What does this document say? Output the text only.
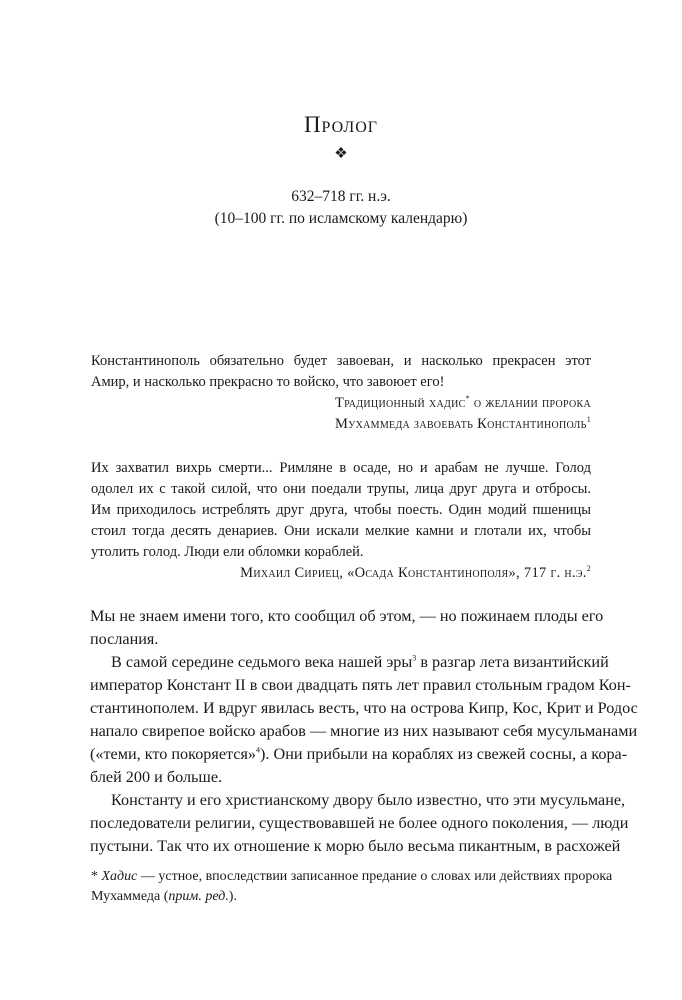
Пролог
❖
632–718 гг. н.э.
(10–100 гг. по исламскому календарю)
Константинополь обязательно будет завоеван, и насколько прекрасен этот
Амир, и насколько прекрасно то войско, что завоюет его!
Традиционный хадис* о желании пророка
Мухаммеда завоевать Константинополь$^1$
Их захватил вихрь смерти... Римляне в осаде, но и арабам не лучше. Голод
одолел их с такой силой, что они поедали трупы, лица друг друга и отбросы.
Им приходилось истреблять друг друга, чтобы поесть. Один модий пшеницы
стоил тогда десять денариев. Они искали мелкие камни и глотали их, чтобы
утолить голод. Люди ели обломки кораблей.
Михаил Сириец, «Осада Константинополя», 717 г. н.э.$^2$
Мы не знаем имени того, кто сообщил об этом, — но пожинаем плоды его
послания.
В самой середине седьмого века нашей эры$^3$ в разгар лета византийский
император Констант II в свои двадцать пять лет правил стольным градом Кон-
стантинополем. И вдруг явилась весть, что на острова Кипр, Кос, Крит и Родос
напало свирепое войско арабов — многие из них называют себя мусульманами
(«теми, кто покоряется»$^4$). Они прибыли на кораблях из свежей сосны, а кора-
блей 200 и больше.
Константу и его христианскому двору было известно, что эти мусульмане,
последователи религии, существовавшей не более одного поколения, — люди
пустыни. Так что их отношение к морю было весьма пикантным, в расхожей
* Хадис — устное, впоследствии записанное предание о словах или действиях пророка
Мухаммеда (прим. ред.).
